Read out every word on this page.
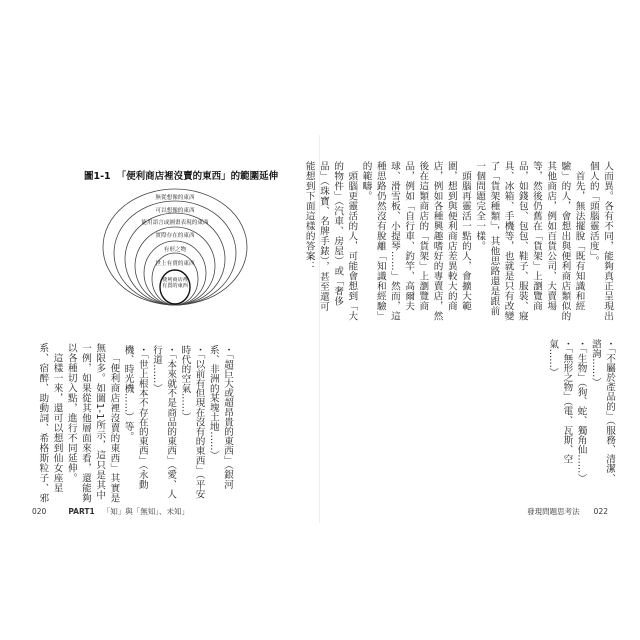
人而異。各有不同，能夠真正呈現出個人的「頭腦靈活度」。

首先，無法擺脫「既有知識和經驗」的人，會想出與便利商店類似的其他商店，例如百貨公司、大賣場等，然後仍舊在「貨架」上瀏覽商品，如錢包、包包、鞋子、服裝、寢具、冰箱、手機等，也就是只有改變了「貨架種類」，其他思路還是跟前一個問題完全一樣。

頭腦再靈活一點的人，會擴大範圍，想到與便利商店差異較大的商店，例如各種興趣嗜好的專賣店，然後在這類商店的「貨架」上瀏覽商品，例如「自行車、釣竿、高爾夫球、滑雪板、小提琴……」然而，這種思路仍然沒有脫離「知識和經驗」的範疇。

頭腦更靈活的人，可能會想到「大的物件」（汽車、房屋）或「奢侈品」（珠寶、名牌手錶），甚至還可能想到下面這樣的答案：

・「不屬於產品的」（服務、清潔、諮詢……）

・「生物」（狗、蛇、獨角仙……）

・「無形之物」（電、瓦斯、空氣……）

圖1-1 「便利商店裡沒賣的東西」的範圍延伸
無從想像的東西
可以想像的東西
能用語言或圖畫表現的東西
實際存在的東西
有形之物
世上有賣的東西
便利商店裡有賣的東西

・「超巨大或超昂貴的東西」（銀河系、非洲的某塊土地……）

・「以前有但現在沒有的東西」（平安時代的空氣……）

・「本來就不是商品的東西」（愛、人行道……）

・「世上根本不存在的東西」（永動機、時光機……）等。

「便利商店裡沒賣的東西」其實是無限多。如圖1-1所示，這只是其中一例，如果從其他層面來看，還能夠以各種切入點，進行不同延伸。

這樣一來，還可以想到仙女座星系、宿醉、助動詞、希格斯粒子、邪

020	PART1 「知」與「無知」、未知」	發現問題思考法 022
